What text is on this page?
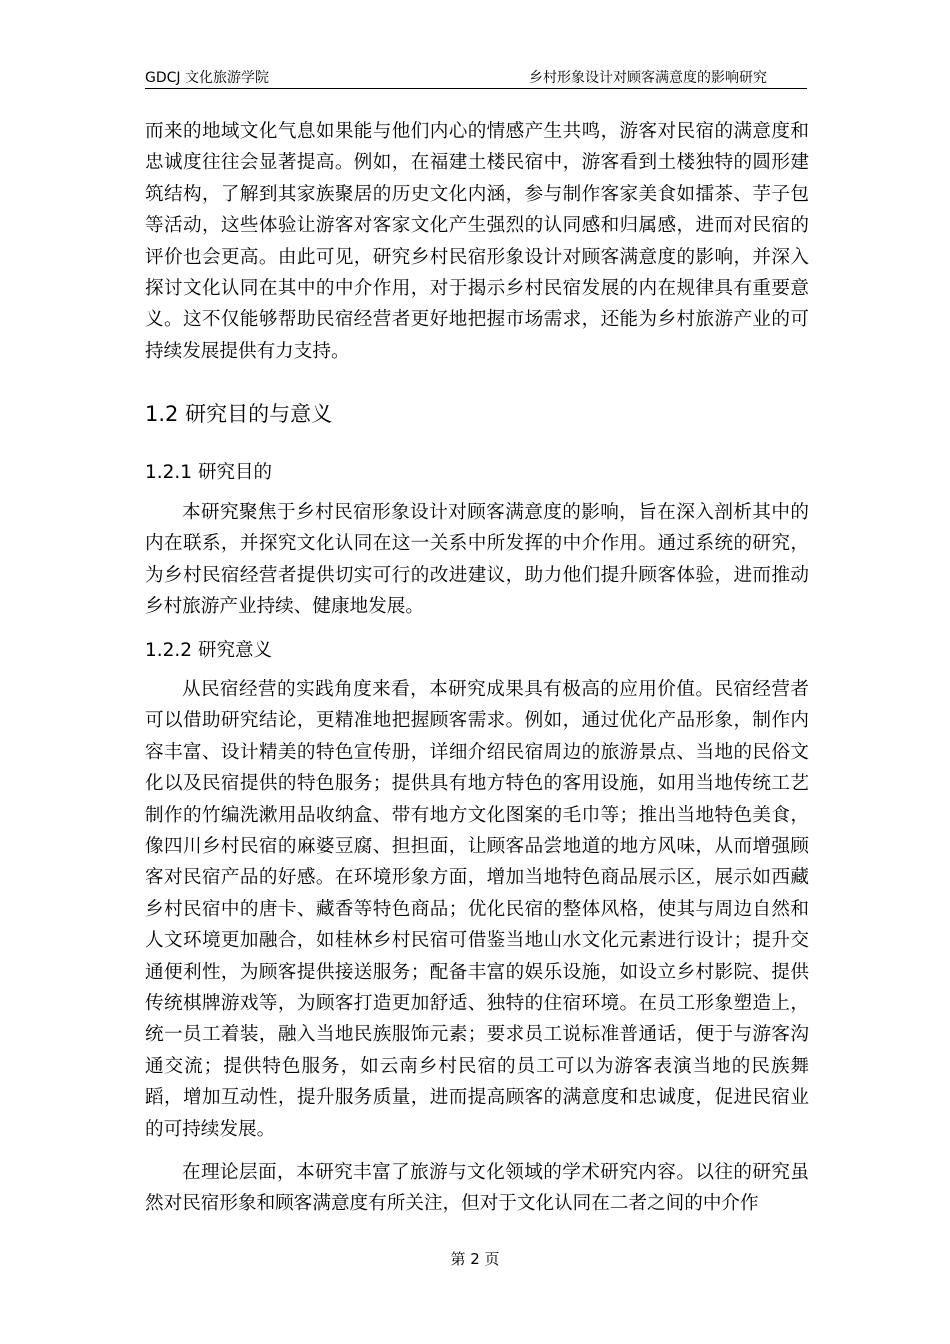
GDCJ 文化旅游学院	乡村形象设计对顾客满意度的影响研究

而来的地域文化气息如果能与他们内心的情感产生共鸣，游客对民宿的满意度和忠诚度往往会显著提高。例如，在福建土楼民宿中，游客看到土楼独特的圆形建筑结构，了解到其家族聚居的历史文化内涵，参与制作客家美食如擂茶、芋子包等活动，这些体验让游客对客家文化产生强烈的认同感和归属感，进而对民宿的评价也会更高。由此可见，研究乡村民宿形象设计对顾客满意度的影响，并深入探讨文化认同在其中的中介作用，对于揭示乡村民宿发展的内在规律具有重要意义。这不仅能够帮助民宿经营者更好地把握市场需求，还能为乡村旅游产业的可持续发展提供有力支持。

1.2 研究目的与意义
1.2.1 研究目的

本研究聚焦于乡村民宿形象设计对顾客满意度的影响，旨在深入剖析其中的内在联系，并探究文化认同在这一关系中所发挥的中介作用。通过系统的研究，为乡村民宿经营者提供切实可行的改进建议，助力他们提升顾客体验，进而推动乡村旅游产业持续、健康地发展。

1.2.2 研究意义

从民宿经营的实践角度来看，本研究成果具有极高的应用价值。民宿经营者可以借助研究结论，更精准地把握顾客需求。例如，通过优化产品形象，制作内容丰富、设计精美的特色宣传册，详细介绍民宿周边的旅游景点、当地的民俗文化以及民宿提供的特色服务；提供具有地方特色的客用设施，如用当地传统工艺制作的竹编洗漱用品收纳盒、带有地方文化图案的毛巾等；推出当地特色美食，像四川乡村民宿的麻婆豆腐、担担面，让顾客品尝地道的地方风味，从而增强顾客对民宿产品的好感。在环境形象方面，增加当地特色商品展示区，展示如西藏乡村民宿中的唐卡、藏香等特色商品；优化民宿的整体风格，使其与周边自然和人文环境更加融合，如桂林乡村民宿可借鉴当地山水文化元素进行设计；提升交通便利性，为顾客提供接送服务；配备丰富的娱乐设施，如设立乡村影院、提供传统棋牌游戏等，为顾客打造更加舒适、独特的住宿环境。在员工形象塑造上，统一员工着装，融入当地民族服饰元素；要求员工说标准普通话，便于与游客沟通交流；提供特色服务，如云南乡村民宿的员工可以为游客表演当地的民族舞蹈，增加互动性，提升服务质量，进而提高顾客的满意度和忠诚度，促进民宿业的可持续发展。

在理论层面，本研究丰富了旅游与文化领域的学术研究内容。以往的研究虽然对民宿形象和顾客满意度有所关注，但对于文化认同在二者之间的中介作

第 2 页
